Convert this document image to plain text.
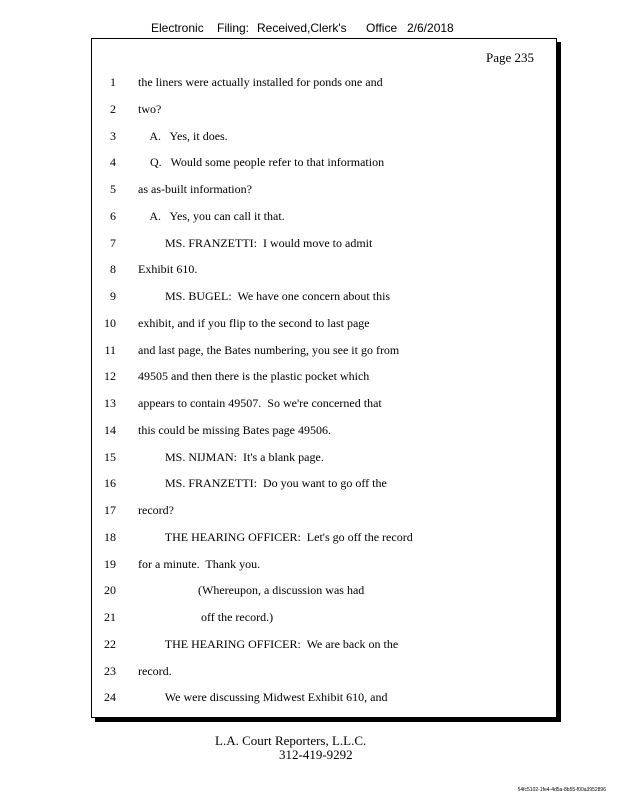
Electronic Filing: Received,Clerk's Office 2/6/2018
Page 235
1 the liners were actually installed for ponds one and
2 two?
3 A.   Yes, it does.
4 Q.   Would some people refer to that information
5 as as-built information?
6 A.   Yes, you can call it that.
7 MS. FRANZETTI:  I would move to admit
8 Exhibit 610.
9 MS. BUGEL:  We have one concern about this
10 exhibit, and if you flip to the second to last page
11 and last page, the Bates numbering, you see it go from
12 49505 and then there is the plastic pocket which
13 appears to contain 49507.  So we're concerned that
14 this could be missing Bates page 49506.
15 MS. NIJMAN:  It's a blank page.
16 MS. FRANZETTI:  Do you want to go off the
17 record?
18 THE HEARING OFFICER:  Let's go off the record
19 for a minute.  Thank you.
20 (Whereupon, a discussion was had
21 off the record.)
22 THE HEARING OFFICER:  We are back on the
23 record.
24 We were discussing Midwest Exhibit 610, and
L.A. Court Reporters, L.L.C.
312-419-9292
54fc5102-1fe4-4d5a-8b55-f00a3952896
